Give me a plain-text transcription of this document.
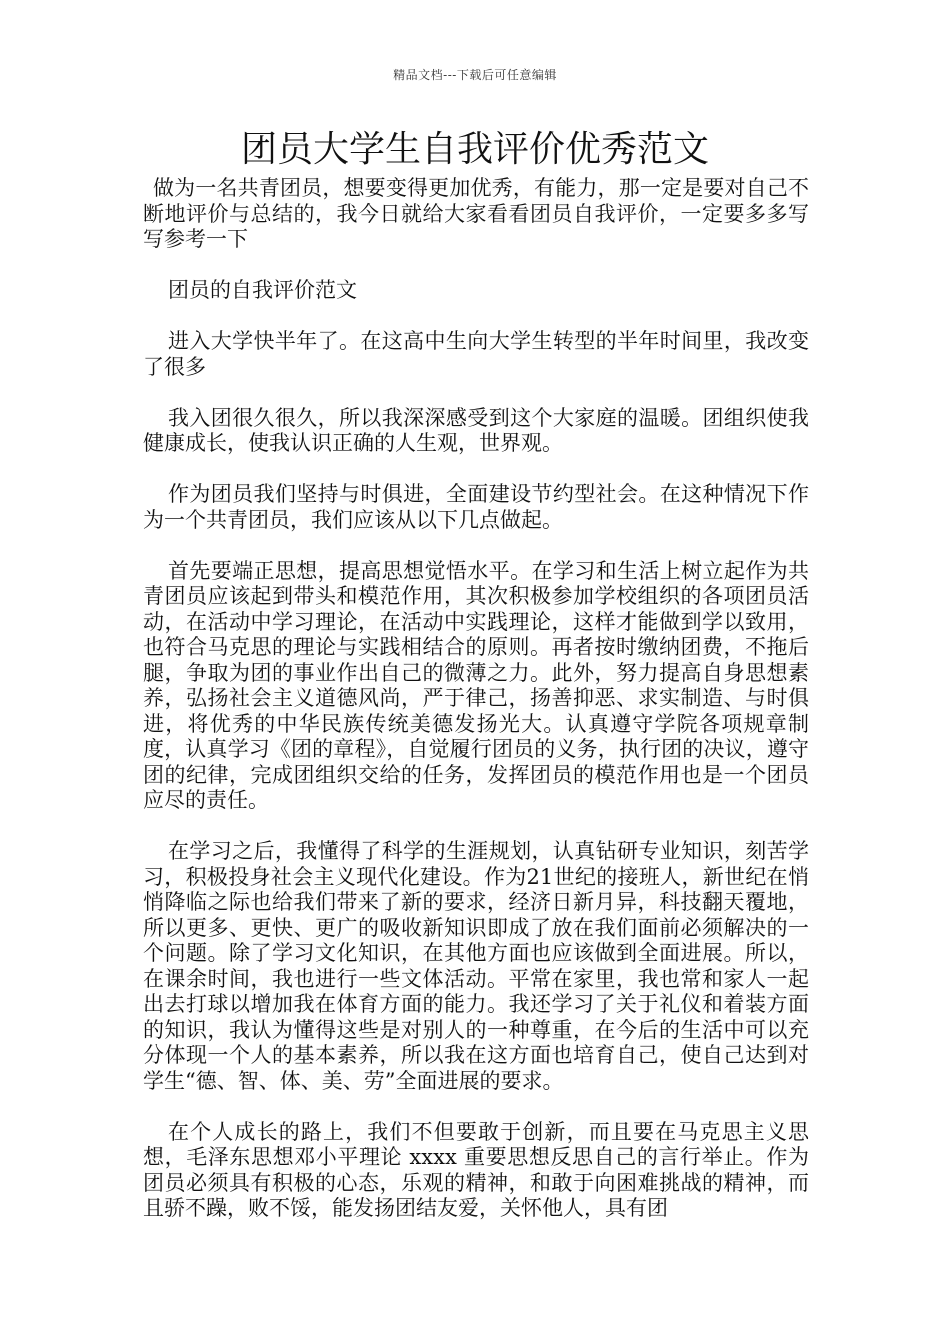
精品文档---下载后可任意编辑
团员大学生自我评价优秀范文

做为一名共青团员，想要变得更加优秀，有能力，那一定是要对自己不断地评价与总结的，我今日就给大家看看团员自我评价，一定要多多写写参考一下

团员的自我评价范文

进入大学快半年了。在这高中生向大学生转型的半年时间里，我改变了很多

我入团很久很久，所以我深深感受到这个大家庭的温暖。团组织使我健康成长，使我认识正确的人生观，世界观。

作为团员我们坚持与时俱进，全面建设节约型社会。在这种情况下作为一个共青团员，我们应该从以下几点做起。

首先要端正思想，提高思想觉悟水平。在学习和生活上树立起作为共青团员应该起到带头和模范作用，其次积极参加学校组织的各项团员活动，在活动中学习理论，在活动中实践理论，这样才能做到学以致用，也符合马克思的理论与实践相结合的原则。再者按时缴纳团费，不拖后腿，争取为团的事业作出自己的微薄之力。此外，努力提高自身思想素养，弘扬社会主义道德风尚，严于律己，扬善抑恶、求实制造、与时俱进，将优秀的中华民族传统美德发扬光大。认真遵守学院各项规章制度，认真学习《团的章程》，自觉履行团员的义务，执行团的决议，遵守团的纪律，完成团组织交给的任务，发挥团员的模范作用也是一个团员应尽的责任。

在学习之后，我懂得了科学的生涯规划，认真钻研专业知识，刻苦学习，积极投身社会主义现代化建设。作为21世纪的接班人，新世纪在悄悄降临之际也给我们带来了新的要求，经济日新月异，科技翻天覆地，所以更多、更快、更广的吸收新知识即成了放在我们面前必须解决的一个问题。除了学习文化知识，在其他方面也应该做到全面进展。所以，在课余时间，我也进行一些文体活动。平常在家里，我也常和家人一起出去打球以增加我在体育方面的能力。我还学习了关于礼仪和着装方面的知识，我认为懂得这些是对别人的一种尊重，在今后的生活中可以充分体现一个人的基本素养，所以我在这方面也培育自己，使自己达到对学生“德、智、体、美、劳”全面进展的要求。

在个人成长的路上，我们不但要敢于创新，而且要在马克思主义思想，毛泽东思想邓小平理论 xxxx 重要思想反思自己的言行举止。作为团员必须具有积极的心态，乐观的精神，和敢于向困难挑战的精神，而且骄不躁，败不馁，能发扬团结友爱，关怀他人，具有团
